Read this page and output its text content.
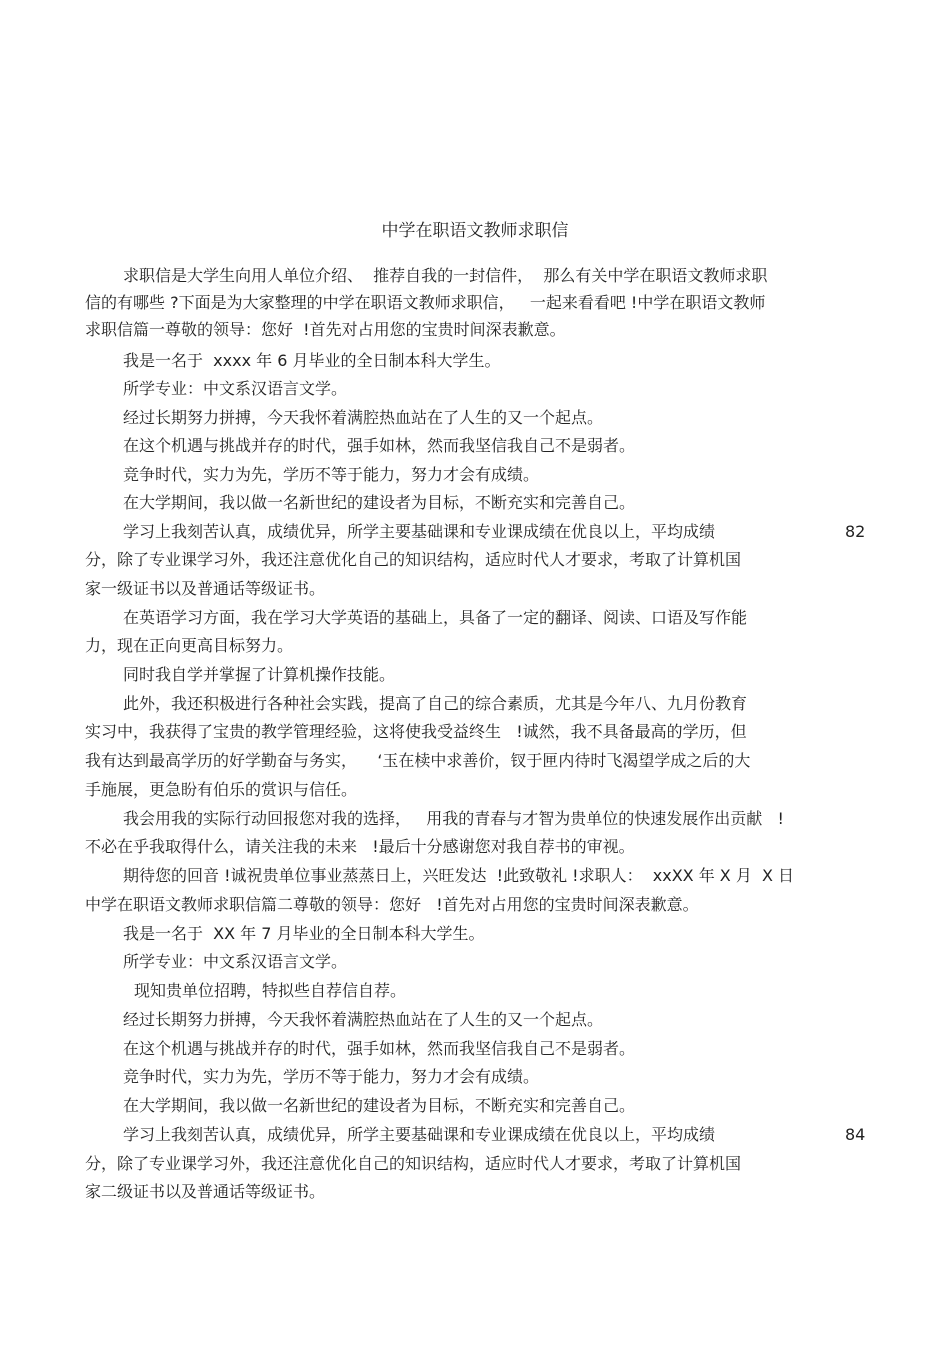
中学在职语文教师求职信
求职信是大学生向用人单位介绍、  推荐自我的一封信件，  那么有关中学在职语文教师求职
信的有哪些 ?下面是为大家整理的中学在职语文教师求职信，   一起来看看吧 !中学在职语文教师
求职信篇一尊敬的领导：您好  !首先对占用您的宝贵时间深表歉意。
我是一名于  xxxx 年 6 月毕业的全日制本科大学生。
所学专业：中文系汉语言文学。
经过长期努力拼搏，今天我怀着满腔热血站在了人生的又一个起点。
在这个机遇与挑战并存的时代，强手如林，然而我坚信我自己不是弱者。
竞争时代，实力为先，学历不等于能力，努力才会有成绩。
在大学期间，我以做一名新世纪的建设者为目标，不断充实和完善自己。
学习上我刻苦认真，成绩优异，所学主要基础课和专业课成绩在优良以上，平均成绩	82
分，除了专业课学习外，我还注意优化自己的知识结构，适应时代人才要求，考取了计算机国
家一级证书以及普通话等级证书。
在英语学习方面，我在学习大学英语的基础上，具备了一定的翻译、阅读、口语及写作能
力，现在正向更高目标努力。
同时我自学并掌握了计算机操作技能。
此外，我还积极进行各种社会实践，提高了自己的综合素质，尤其是今年八、九月份教育
实习中，我获得了宝贵的教学管理经验，这将使我受益终生   !诚然，我不具备最高的学历，但
我有达到最高学历的好学勤奋与务实，    ‘玉在椟中求善价，钗于匣内待时飞渴望学成之后的大
手施展，更急盼有伯乐的赏识与信任。
我会用我的实际行动回报您对我的选择，   用我的青春与才智为贵单位的快速发展作出贡献   !
不必在乎我取得什么，请关注我的未来   !最后十分感谢您对我自荐书的审视。
期待您的回音 !诚祝贵单位事业蒸蒸日上，兴旺发达  !此致敬礼 !求职人：  xxXX 年 X 月  X 日
中学在职语文教师求职信篇二尊敬的领导：您好   !首先对占用您的宝贵时间深表歉意。
我是一名于  XX 年 7 月毕业的全日制本科大学生。
所学专业：中文系汉语言文学。
现知贵单位招聘，特拟些自荐信自荐。
经过长期努力拼搏，今天我怀着满腔热血站在了人生的又一个起点。
在这个机遇与挑战并存的时代，强手如林，然而我坚信我自己不是弱者。
竞争时代，实力为先，学历不等于能力，努力才会有成绩。
在大学期间，我以做一名新世纪的建设者为目标，不断充实和完善自己。
学习上我刻苦认真，成绩优异，所学主要基础课和专业课成绩在优良以上，平均成绩	84
分，除了专业课学习外，我还注意优化自己的知识结构，适应时代人才要求，考取了计算机国
家二级证书以及普通话等级证书。
